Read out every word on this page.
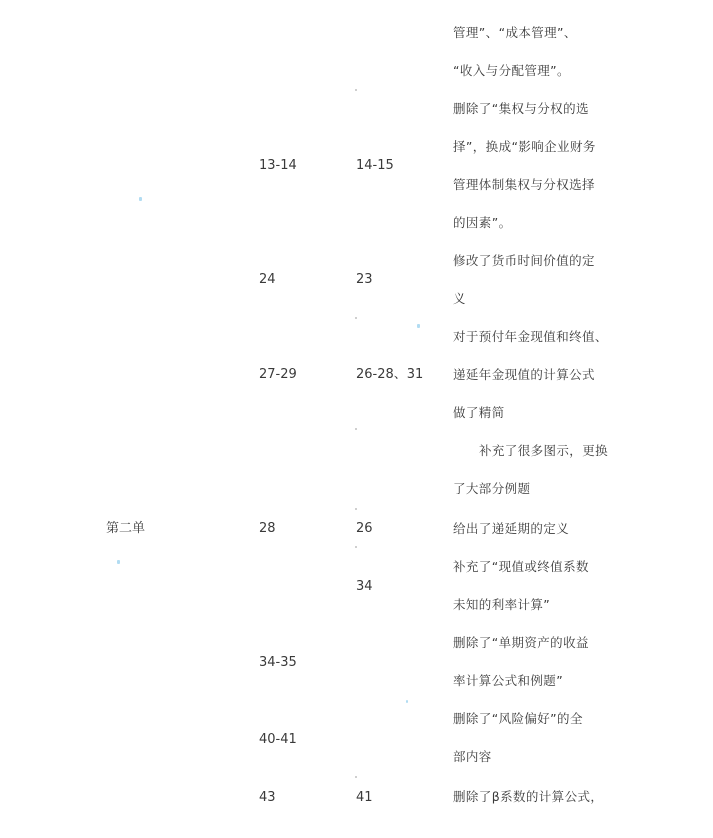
第二单
13-14
24
27-29
28
34-35
40-41
43
14-15
23
26-28、31
26
34
41
管理”、“成本管理”、
“收入与分配管理”。
删除了“集权与分权的选
择”，换成“影响企业财务
管理体制集权与分权选择
的因素”。
修改了货币时间价值的定
义
对于预付年金现值和终值、
递延年金现值的计算公式
做了精简
补充了很多图示，更换
了大部分例题
给出了递延期的定义
补充了“现值或终值系数
未知的利率计算”
删除了“单期资产的收益
率计算公式和例题”
删除了“风险偏好”的全
部内容
删除了β系数的计算公式，
